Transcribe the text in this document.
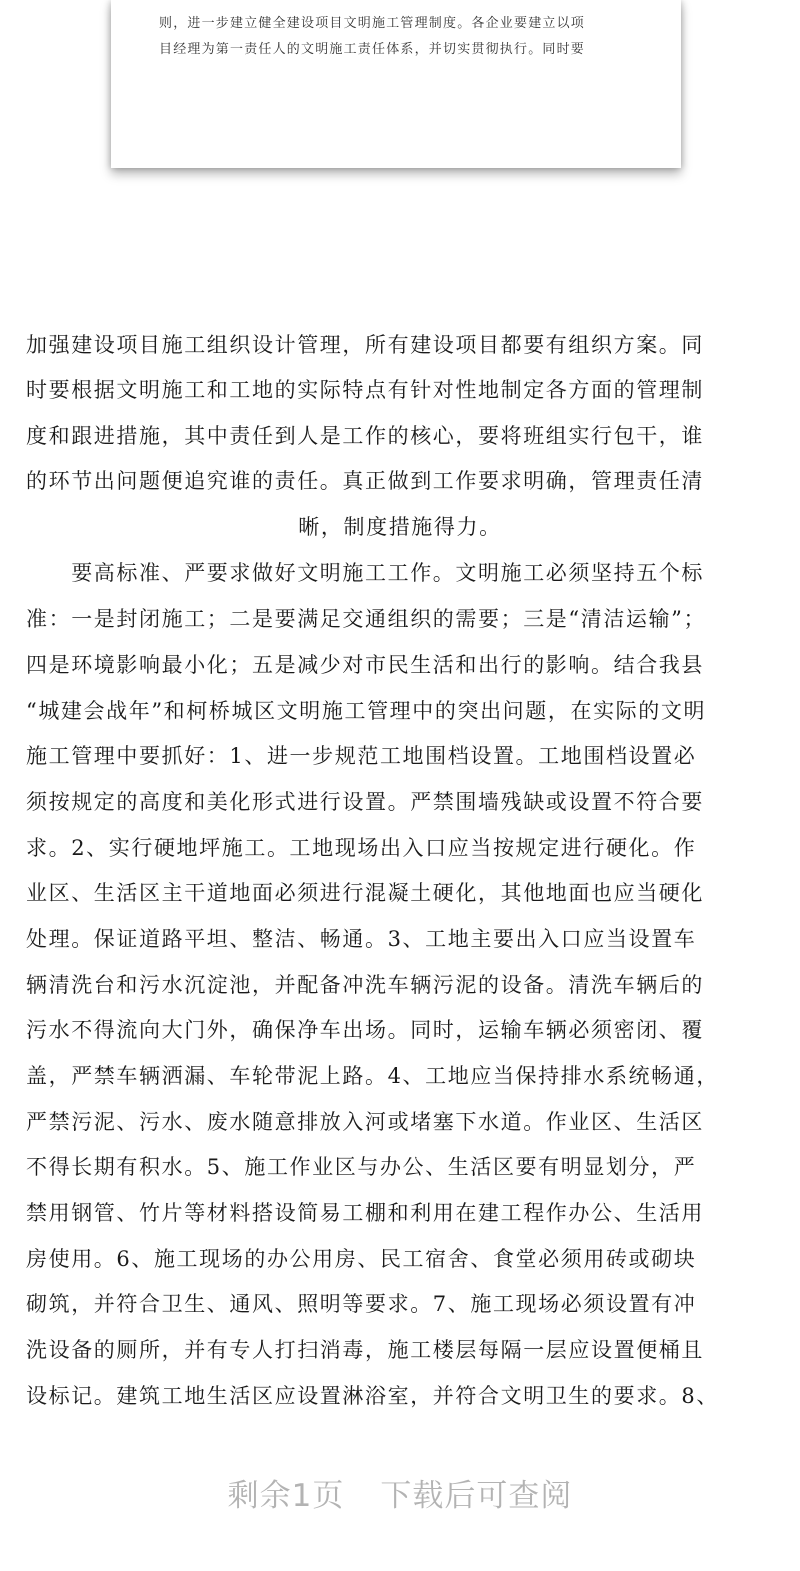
则，进一步建立健全建设项目文明施工管理制度。各企业要建立以项
目经理为第一责任人的文明施工责任体系，并切实贯彻执行。同时要
加强建设项目施工组织设计管理，所有建设项目都要有组织方案。同
时要根据文明施工和工地的实际特点有针对性地制定各方面的管理制
度和跟进措施，其中责任到人是工作的核心，要将班组实行包干，谁
的环节出问题便追究谁的责任。真正做到工作要求明确，管理责任清
晰，制度措施得力。
　　要高标准、严要求做好文明施工工作。文明施工必须坚持五个标
准：一是封闭施工；二是要满足交通组织的需要；三是“清洁运输”；
四是环境影响最小化；五是减少对市民生活和出行的影响。结合我县
“城建会战年”和柯桥城区文明施工管理中的突出问题，在实际的文明
施工管理中要抓好：1、进一步规范工地围档设置。工地围档设置必
须按规定的高度和美化形式进行设置。严禁围墙残缺或设置不符合要
求。2、实行硬地坪施工。工地现场出入口应当按规定进行硬化。作
业区、生活区主干道地面必须进行混凝土硬化，其他地面也应当硬化
处理。保证道路平坦、整洁、畅通。3、工地主要出入口应当设置车
辆清洗台和污水沉淀池，并配备冲洗车辆污泥的设备。清洗车辆后的
污水不得流向大门外，确保净车出场。同时，运输车辆必须密闭、覆
盖，严禁车辆洒漏、车轮带泥上路。4、工地应当保持排水系统畅通，
严禁污泥、污水、废水随意排放入河或堵塞下水道。作业区、生活区
不得长期有积水。5、施工作业区与办公、生活区要有明显划分，严
禁用钢管、竹片等材料搭设简易工棚和利用在建工程作办公、生活用
房使用。6、施工现场的办公用房、民工宿舍、食堂必须用砖或砌块
砌筑，并符合卫生、通风、照明等要求。7、施工现场必须设置有冲
洗设备的厕所，并有专人打扫消毒，施工楼层每隔一层应设置便桶且
设标记。建筑工地生活区应设置淋浴室，并符合文明卫生的要求。8、
剩余1页 下载后可查阅
